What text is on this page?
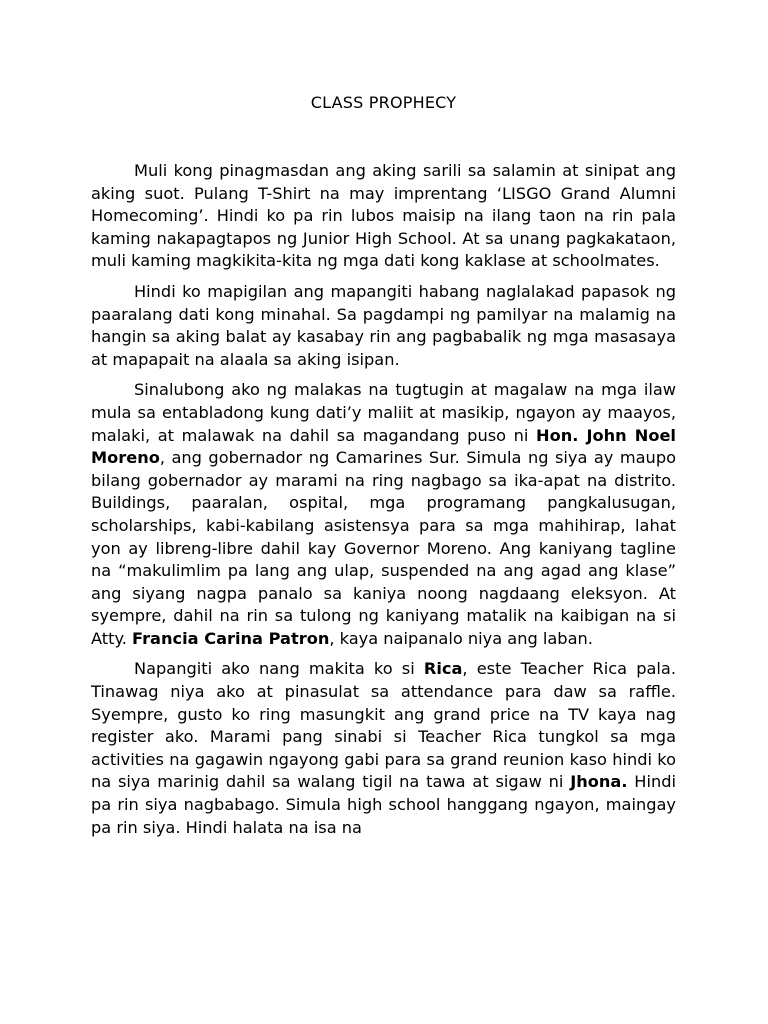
CLASS PROPHECY

Muli kong pinagmasdan ang aking sarili sa salamin at sinipat ang aking suot. Pulang T-Shirt na may imprentang ‘LISGO Grand Alumni Homecoming’. Hindi ko pa rin lubos maisip na ilang taon na rin pala kaming nakapagtapos ng Junior High School. At sa unang pagkakataon, muli kaming magkikita-kita ng mga dati kong kaklase at schoolmates.

Hindi ko mapigilan ang mapangiti habang naglalakad papasok ng paaralang dati kong minahal. Sa pagdampi ng pamilyar na malamig na hangin sa aking balat ay kasabay rin ang pagbabalik ng mga masasaya at mapapait na alaala sa aking isipan.

Sinalubong ako ng malakas na tugtugin at magalaw na mga ilaw mula sa entabladong kung dati’y maliit at masikip, ngayon ay maayos, malaki, at malawak na dahil sa magandang puso ni Hon. John Noel Moreno, ang gobernador ng Camarines Sur. Simula ng siya ay maupo bilang gobernador ay marami na ring nagbago sa ika-apat na distrito. Buildings, paaralan, ospital, mga programang pangkalusugan, scholarships, kabi-kabilang asistensya para sa mga mahihirap, lahat yon ay libreng-libre dahil kay Governor Moreno. Ang kaniyang tagline na “makulimlim pa lang ang ulap, suspended na ang agad ang klase” ang siyang nagpa panalo sa kaniya noong nagdaang eleksyon. At syempre, dahil na rin sa tulong ng kaniyang matalik na kaibigan na si Atty. Francia Carina Patron, kaya naipanalo niya ang laban.

Napangiti ako nang makita ko si Rica, este Teacher Rica pala. Tinawag niya ako at pinasulat sa attendance para daw sa raffle. Syempre, gusto ko ring masungkit ang grand price na TV kaya nag register ako. Marami pang sinabi si Teacher Rica tungkol sa mga activities na gagawin ngayong gabi para sa grand reunion kaso hindi ko na siya marinig dahil sa walang tigil na tawa at sigaw ni Jhona. Hindi pa rin siya nagbabago. Simula high school hanggang ngayon, maingay pa rin siya. Hindi halata na isa na
